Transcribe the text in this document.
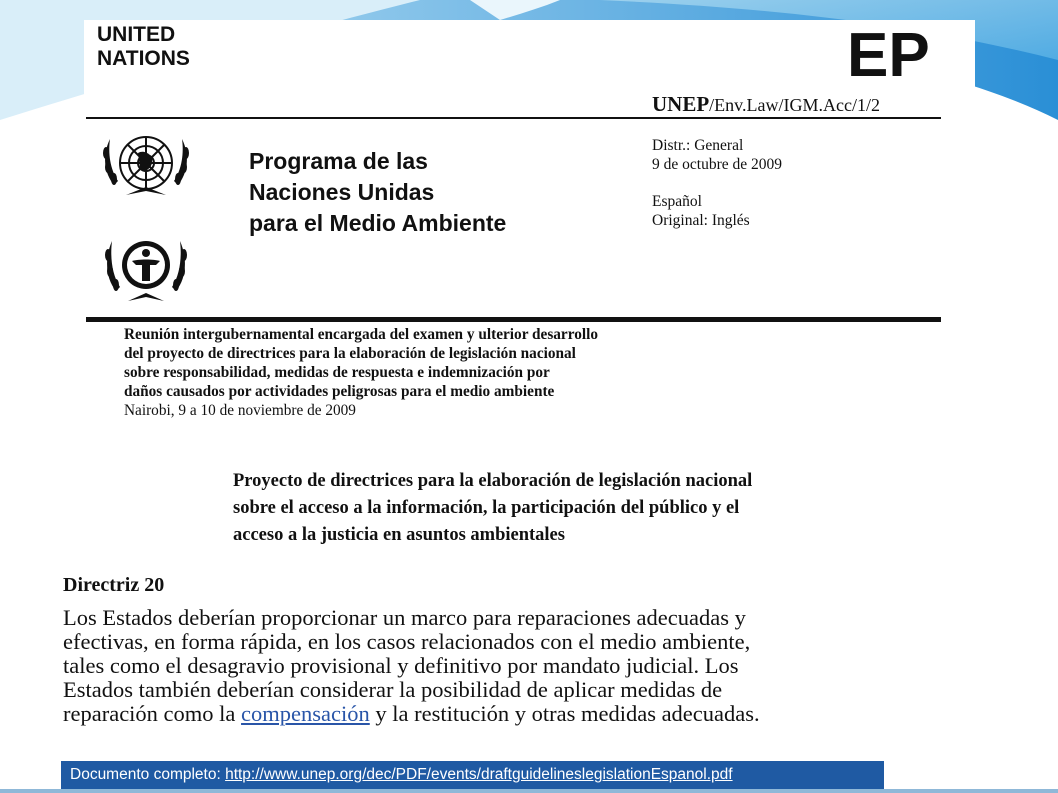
UNITED
NATIONS	EP
UNEP/Env.Law/IGM.Acc/1/2
Distr.: General
9 de octubre de 2009
Español
Original: Inglés
Programa de las
Naciones Unidas
para el Medio Ambiente
Reunión intergubernamental encargada del examen y ulterior desarrollo
del proyecto de directrices para la elaboración de legislación nacional
sobre responsabilidad, medidas de respuesta e indemnización por
daños causados por actividades peligrosas para el medio ambiente
Nairobi, 9 a 10 de noviembre de 2009
Proyecto de directrices para la elaboración de legislación nacional
sobre el acceso a la información, la participación del público y el
acceso a la justicia en asuntos ambientales

Directriz 20

Los Estados deberían proporcionar un marco para reparaciones adecuadas y
efectivas, en forma rápida, en los casos relacionados con el medio ambiente,
tales como el desagravio provisional y definitivo por mandato judicial. Los
Estados también deberían considerar la posibilidad de aplicar medidas de
reparación como la compensación y la restitución y otras medidas adecuadas.

Documento completo: http://www.unep.org/dec/PDF/events/draftguidelineslegislationEspanol.pdf
